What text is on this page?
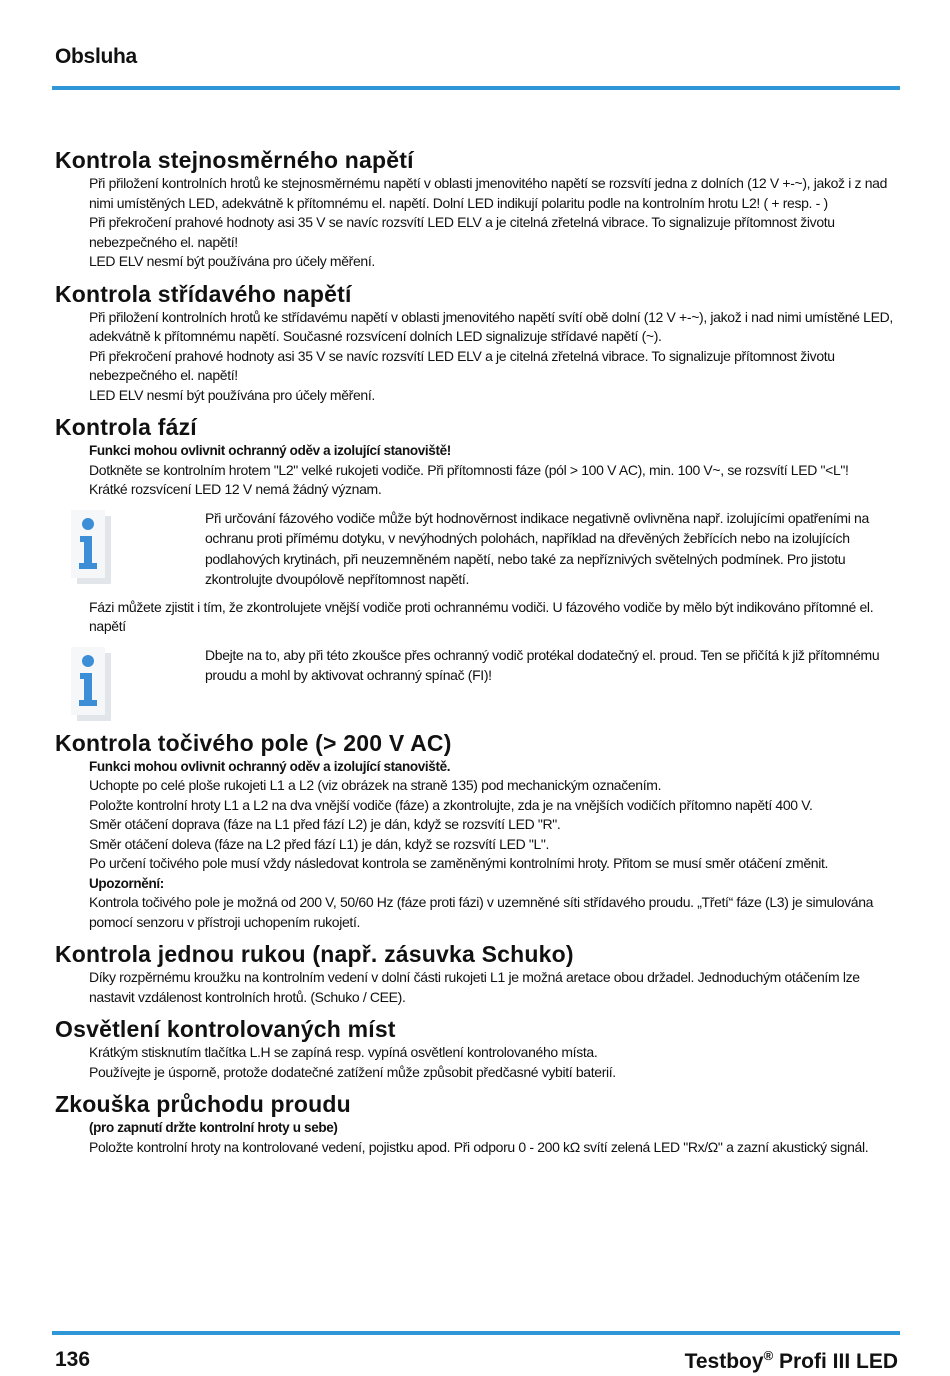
Obsluha
Kontrola stejnosměrného napětí

Při přiložení kontrolních hrotů ke stejnosměrnému napětí v oblasti jmenovitého napětí se rozsvítí jedna z dolních (12 V +-~), jakož i z nad nimi umístěných LED, adekvátně k přítomnému el. napětí. Dolní LED indikují polaritu podle na kontrolním hrotu L2! ( + resp. - )

Při překročení prahové hodnoty asi 35 V se navíc rozsvítí LED ELV a je citelná zřetelná vibrace. To signalizuje přítomnost životu nebezpečného el. napětí!

LED ELV nesmí být používána pro účely měření.

Kontrola střídavého napětí

Při přiložení kontrolních hrotů ke střídavému napětí v oblasti jmenovitého napětí svítí obě dolní (12 V +-~), jakož i nad nimi umístěné LED, adekvátně k přítomnému napětí. Současné rozsvícení dolních LED signalizuje střídavé napětí (~).

Při překročení prahové hodnoty asi 35 V se navíc rozsvítí LED ELV a je citelná zřetelná vibrace. To signalizuje přítomnost životu nebezpečného el. napětí!

LED ELV nesmí být používána pro účely měření.

Kontrola fází

Funkci mohou ovlivnit ochranný oděv a izolující stanoviště!

Dotkněte se kontrolním hrotem "L2" velké rukojeti vodiče. Při přítomnosti fáze (pól > 100 V AC), min. 100 V~, se rozsvítí LED "<L"!

Krátké rozsvícení LED 12 V nemá žádný význam.

Při určování fázového vodiče může být hodnověrnost indikace negativně ovlivněna např. izolujícími opatřeními na ochranu proti přímému dotyku, v nevýhodných polohách, například na dřevěných žebřících nebo na izolujících podlahových krytinách, při neuzemněném napětí, nebo také za nepříznivých světelných podmínek. Pro jistotu zkontrolujte dvoupólově nepřítomnost napětí.

Fázi můžete zjistit i tím, že zkontrolujete vnější vodiče proti ochrannému vodiči. U fázového vodiče by mělo být indikováno přítomné el. napětí

Dbejte na to, aby při této zkoušce přes ochranný vodič protékal dodatečný el. proud. Ten se přičítá k již přítomnému proudu a mohl by aktivovat ochranný spínač (FI)!

Kontrola točivého pole (> 200 V AC)

Funkci mohou ovlivnit ochranný oděv a izolující stanoviště.

Uchopte po celé ploše rukojeti L1 a L2 (viz obrázek na straně 135) pod mechanickým označením.

Položte kontrolní hroty L1 a L2 na dva vnější vodiče (fáze) a zkontrolujte, zda je na vnějších vodičích přítomno napětí 400 V.

Směr otáčení doprava (fáze na L1 před fází L2) je dán, když se rozsvítí LED "R".

Směr otáčení doleva (fáze na L2 před fází L1) je dán, když se rozsvítí LED "L".

Po určení točivého pole musí vždy následovat kontrola se zaměněnými kontrolními hroty. Přitom se musí směr otáčení změnit.

Upozornění:

Kontrola točivého pole je možná od 200 V, 50/60 Hz (fáze proti fázi) v uzemněné síti střídavého proudu. „Třetí“ fáze (L3) je simulována pomocí senzoru v přístroji uchopením rukojetí.

Kontrola jednou rukou (např. zásuvka Schuko)

Díky rozpěrnému kroužku na kontrolním vedení v dolní části rukojeti L1 je možná aretace obou držadel. Jednoduchým otáčením lze nastavit vzdálenost kontrolních hrotů. (Schuko / CEE).

Osvětlení kontrolovaných míst

Krátkým stisknutím tlačítka L.H se zapíná resp. vypíná osvětlení kontrolovaného místa.

Používejte je úsporně, protože dodatečné zatížení může způsobit předčasné vybití baterií.

Zkouška průchodu proudu

(pro zapnutí držte kontrolní hroty u sebe)

Položte kontrolní hroty na kontrolované vedení, pojistku apod. Při odporu 0 - 200 kΩ svítí zelená LED "Rx/Ω" a zazní akustický signál.

136	Testboy® Profi III LED
